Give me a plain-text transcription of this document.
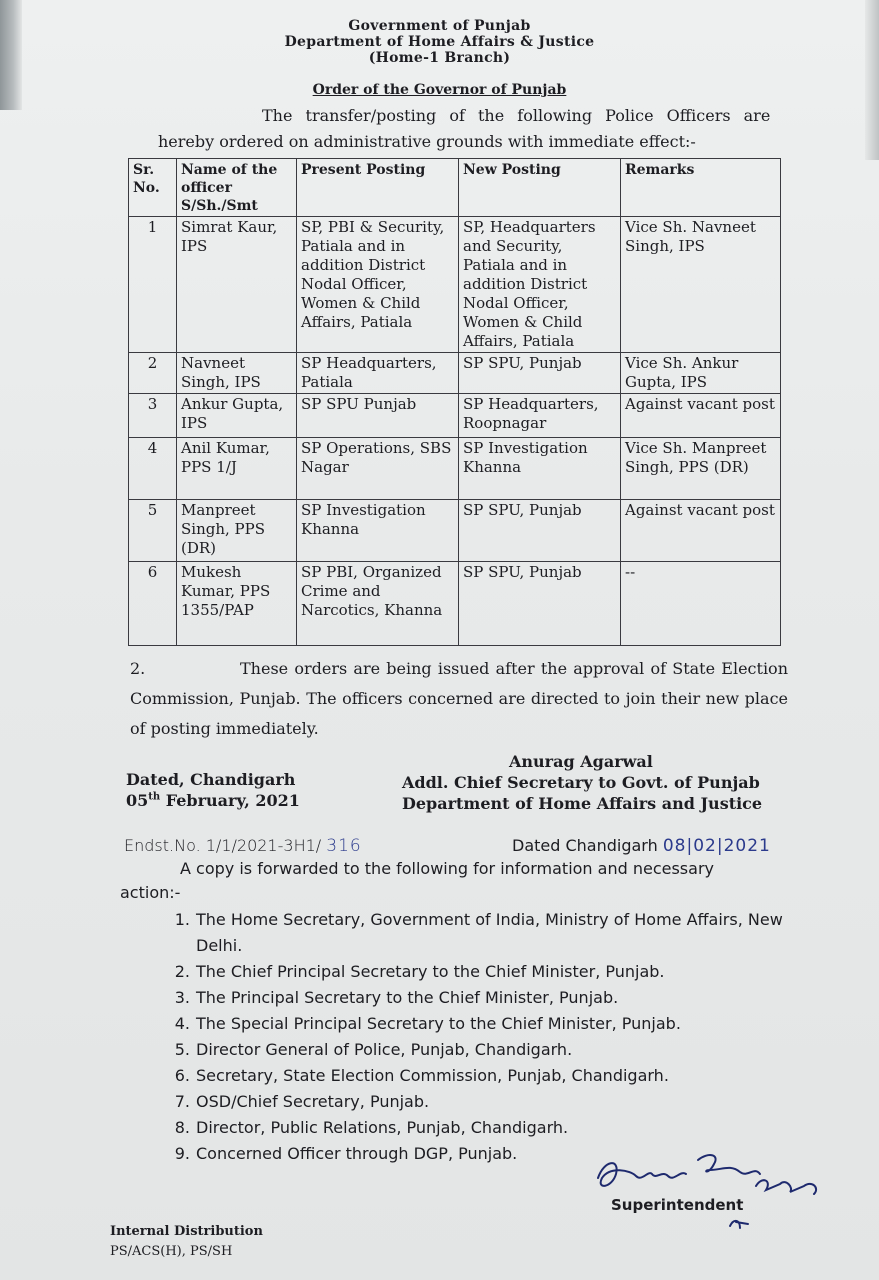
Government of Punjab
Department of Home Affairs & Justice
(Home-1 Branch)
Order of the Governor of Punjab
The transfer/posting of the following Police Officers are
hereby ordered on administrative grounds with immediate effect:-
Sr. No.	Name of the officer S/Sh./Smt	Present Posting	New Posting	Remarks
1	Simrat Kaur, IPS	SP, PBI & Security, Patiala and in addition District Nodal Officer, Women & Child Affairs, Patiala	SP, Headquarters and Security, Patiala and in addition District Nodal Officer, Women & Child Affairs, Patiala	Vice Sh. Navneet Singh, IPS
2	Navneet Singh, IPS	SP Headquarters, Patiala	SP SPU, Punjab	Vice Sh. Ankur Gupta, IPS
3	Ankur Gupta, IPS	SP SPU Punjab	SP Headquarters, Roopnagar	Against vacant post
4	Anil Kumar, PPS 1/J	SP Operations, SBS Nagar	SP Investigation Khanna	Vice Sh. Manpreet Singh, PPS (DR)
5	Manpreet Singh, PPS (DR)	SP Investigation Khanna	SP SPU, Punjab	Against vacant post
6	Mukesh Kumar, PPS 1355/PAP	SP PBI, Organized Crime and Narcotics, Khanna	SP SPU, Punjab	--
2.	These orders are being issued after the approval of State Election Commission, Punjab. The officers concerned are directed to join their new place of posting immediately.
Anurag Agarwal
Addl. Chief Secretary to Govt. of Punjab
Department of Home Affairs and Justice
Dated, Chandigarh
05th February, 2021
Endst.No. 1/1/2021-3H1/ 316	Dated Chandigarh 08|02|2021
A copy is forwarded to the following for information and necessary
action:-
1. The Home Secretary, Government of India, Ministry of Home Affairs, New Delhi.
2. The Chief Principal Secretary to the Chief Minister, Punjab.
3. The Principal Secretary to the Chief Minister, Punjab.
4. The Special Principal Secretary to the Chief Minister, Punjab.
5. Director General of Police, Punjab, Chandigarh.
6. Secretary, State Election Commission, Punjab, Chandigarh.
7. OSD/Chief Secretary, Punjab.
8. Director, Public Relations, Punjab, Chandigarh.
9. Concerned Officer through DGP, Punjab.
Superintendent
Internal Distribution
PS/ACS(H), PS/SH
